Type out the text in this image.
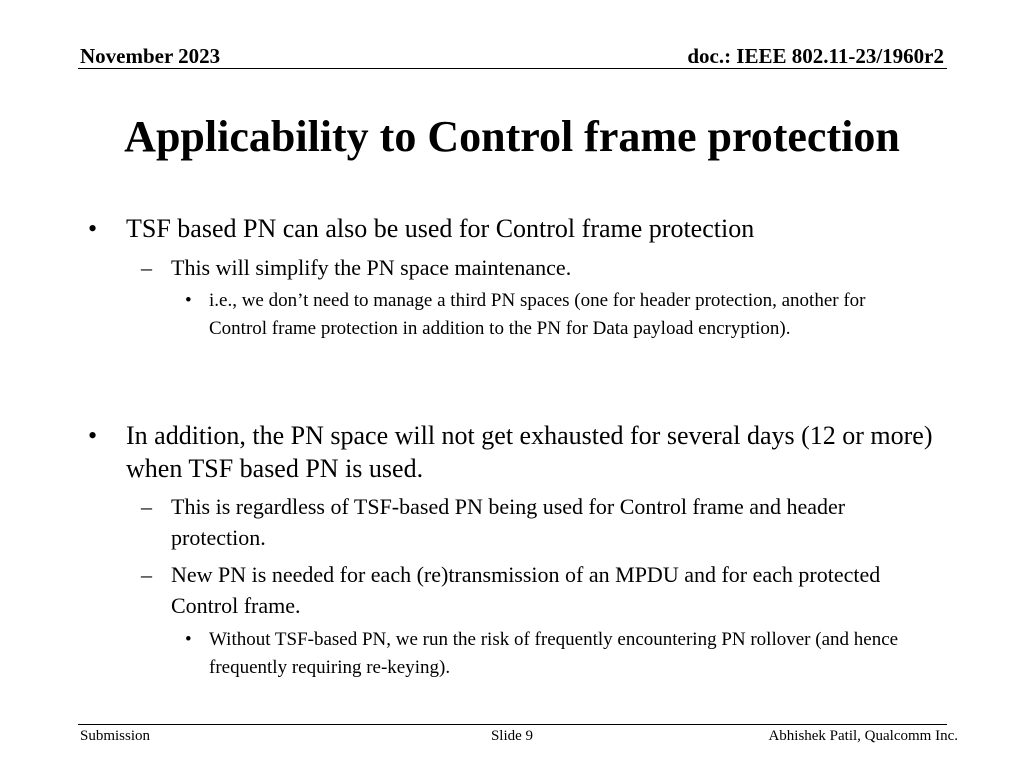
November 2023	doc.: IEEE 802.11-23/1960r2
Applicability to Control frame protection
• TSF based PN can also be used for Control frame protection
– This will simplify the PN space maintenance.
• i.e., we don’t need to manage a third PN spaces (one for header protection, another for Control frame protection in addition to the PN for Data payload encryption).
• In addition, the PN space will not get exhausted for several days (12 or more) when TSF based PN is used.
– This is regardless of TSF-based PN being used for Control frame and header protection.
– New PN is needed for each (re)transmission of an MPDU and for each protected Control frame.
• Without TSF-based PN, we run the risk of frequently encountering PN rollover (and hence frequently requiring re-keying).
Submission	Slide 9	Abhishek Patil, Qualcomm Inc.
